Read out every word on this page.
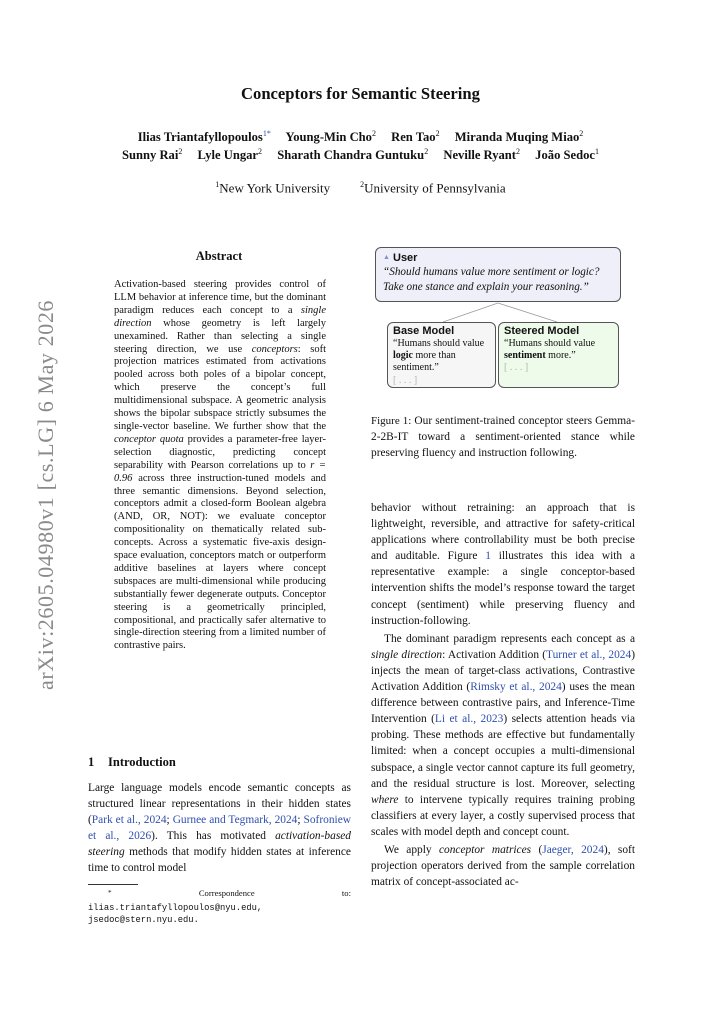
arXiv:2605.04980v1 [cs.LG] 6 May 2026
Conceptors for Semantic Steering
Ilias Triantafyllopoulos$^{1*}$ Young-Min Cho$^2$ Ren Tao$^2$ Miranda Muqing Miao$^2$
Sunny Rai$^2$ Lyle Ungar$^2$ Sharath Chandra Guntuku$^2$ Neville Ryant$^2$ João Sedoc$^1$
$^1$New York University	$^2$University of Pennsylvania
Abstract
Activation-based steering provides control of LLM behavior at inference time, but the dominant paradigm reduces each concept to a single direction whose geometry is left largely unexamined. Rather than selecting a single steering direction, we use conceptors: soft projection matrices estimated from activations pooled across both poles of a bipolar concept, which preserve the concept’s full multidimensional subspace. A geometric analysis shows the bipolar subspace strictly subsumes the single-vector baseline. We further show that the conceptor quota provides a parameter-free layer-selection diagnostic, predicting concept separability with Pearson correlations up to r = 0.96 across three instruction-tuned models and three semantic dimensions. Beyond selection, conceptors admit a closed-form Boolean algebra (AND, OR, NOT): we evaluate conceptor compositionality on thematically related sub-concepts. Across a systematic five-axis design-space evaluation, conceptors match or outperform additive baselines at layers where concept subspaces are multi-dimensional while producing substantially fewer degenerate outputs. Conceptor steering is a geometrically principled, compositional, and practically safer alternative to single-direction steering from a limited number of contrastive pairs.
1 Introduction
Large language models encode semantic concepts as structured linear representations in their hidden states (Park et al., 2024; Gurnee and Tegmark, 2024; Sofroniew et al., 2026). This has motivated activation-based steering methods that modify hidden states at inference time to control model
*	Correspondence	to:
ilias.triantafyllopoulos@nyu.edu,
jsedoc@stern.nyu.edu.
▲ User
“Should humans value more sentiment or logic? Take one stance and explain your reasoning.”
Base Model
“Humans should value logic more than sentiment.”
[ . . . ]
Steered Model
“Humans should value sentiment more.”
[ . . . ]
Figure 1: Our sentiment-trained conceptor steers Gemma-2-2B-IT toward a sentiment-oriented stance while preserving fluency and instruction following.

behavior without retraining: an approach that is lightweight, reversible, and attractive for safety-critical applications where controllability must be both precise and auditable. Figure 1 illustrates this idea with a representative example: a single conceptor-based intervention shifts the model’s response toward the target concept (sentiment) while preserving fluency and instruction-following.

The dominant paradigm represents each concept as a single direction: Activation Addition (Turner et al., 2024) injects the mean of target-class activations, Contrastive Activation Addition (Rimsky et al., 2024) uses the mean difference between contrastive pairs, and Inference-Time Intervention (Li et al., 2023) selects attention heads via probing. These methods are effective but fundamentally limited: when a concept occupies a multi-dimensional subspace, a single vector cannot capture its full geometry, and the residual structure is lost. Moreover, selecting where to intervene typically requires training probing classifiers at every layer, a costly supervised process that scales with model depth and concept count.

We apply conceptor matrices (Jaeger, 2024), soft projection operators derived from the sample correlation matrix of concept-associated ac-
